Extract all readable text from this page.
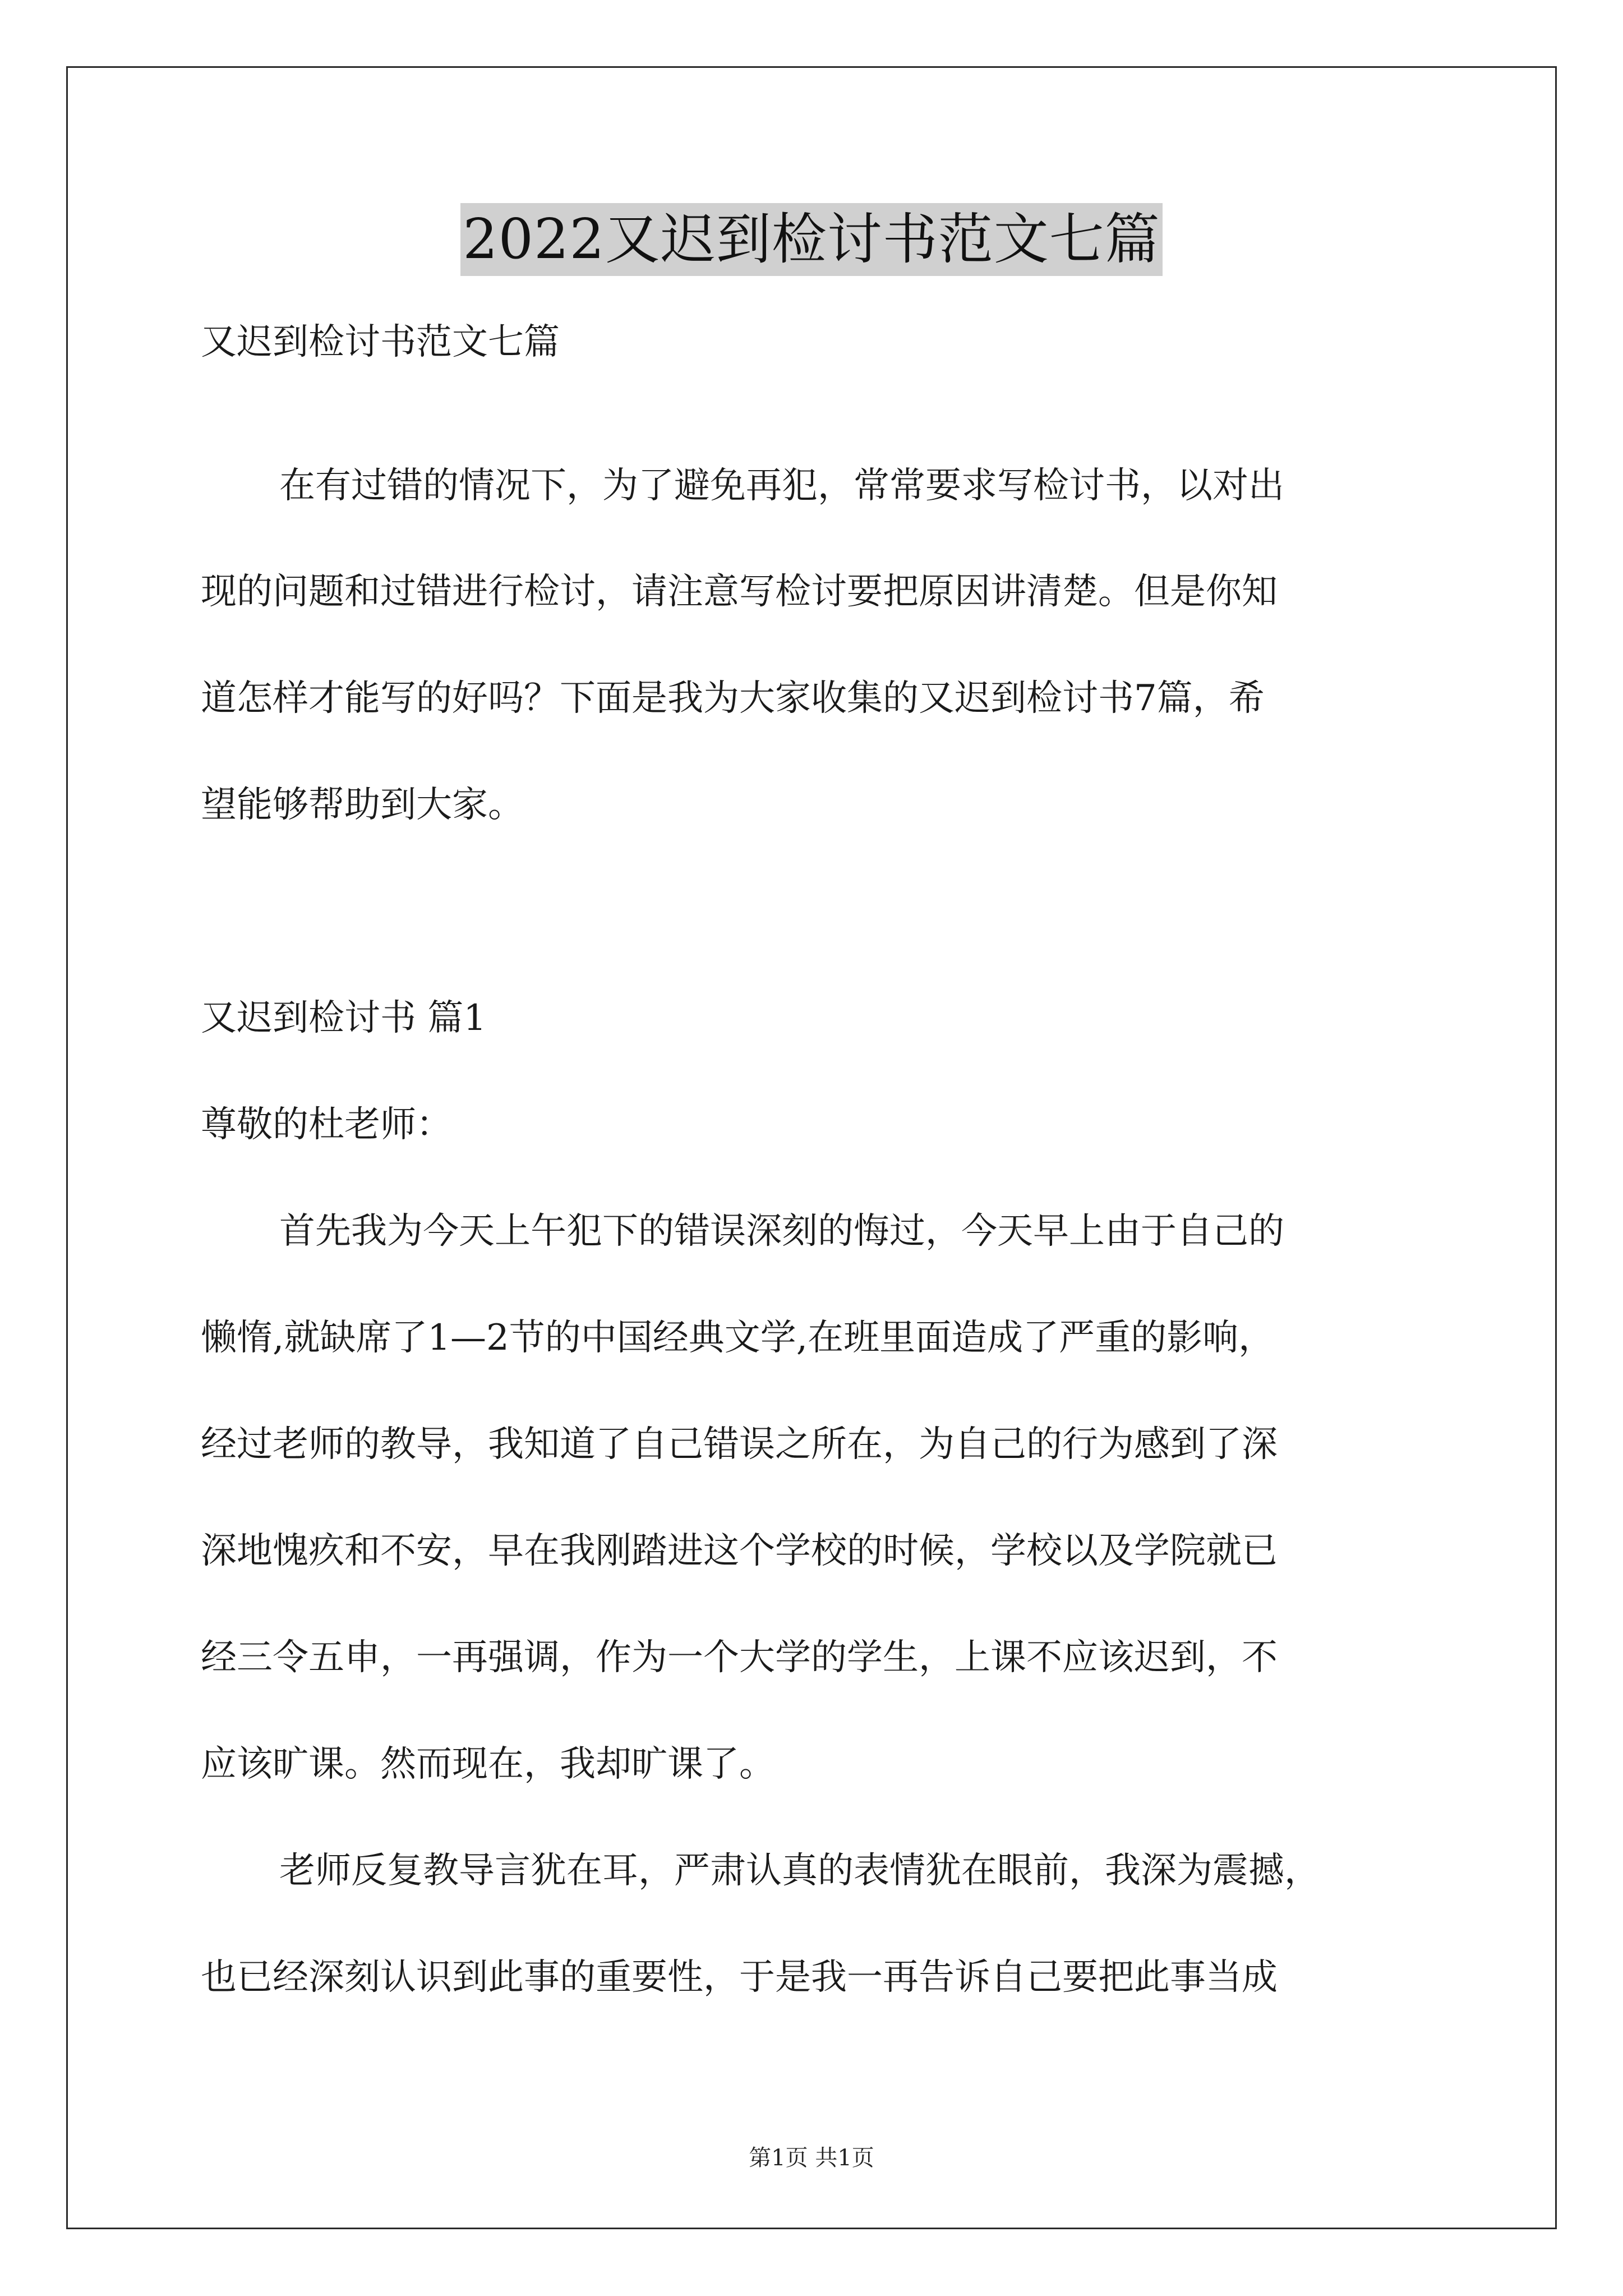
2022又迟到检讨书范文七篇
又迟到检讨书范文七篇
在有过错的情况下，为了避免再犯，常常要求写检讨书，以对出
现的问题和过错进行检讨，请注意写检讨要把原因讲清楚。但是你知
道怎样才能写的好吗？下面是我为大家收集的又迟到检讨书7篇，希
望能够帮助到大家。
又迟到检讨书 篇1
尊敬的杜老师：
首先我为今天上午犯下的错误深刻的悔过，今天早上由于自己的
懒惰,就缺席了1—2节的中国经典文学,在班里面造成了严重的影响，
经过老师的教导，我知道了自己错误之所在，为自己的行为感到了深
深地愧疚和不安，早在我刚踏进这个学校的时候，学校以及学院就已
经三令五申，一再强调，作为一个大学的学生，上课不应该迟到，不
应该旷课。然而现在，我却旷课了。
老师反复教导言犹在耳，严肃认真的表情犹在眼前，我深为震撼，
也已经深刻认识到此事的重要性，于是我一再告诉自己要把此事当成
第1页 共1页
